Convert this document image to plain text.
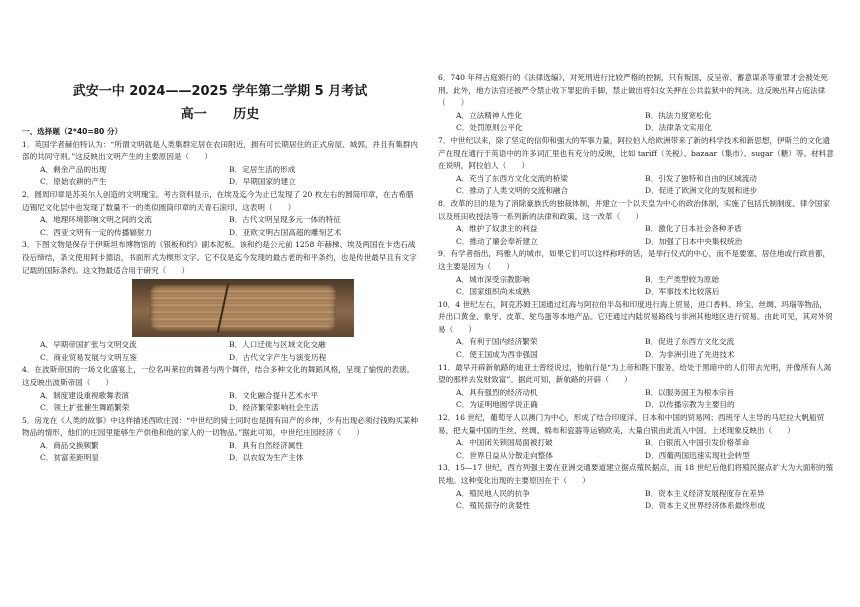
武安一中 2024——2025 学年第二学期 5 月考试
高一 历史
一、选择题（2*40=80 分）

1．英国学者赫伯特认为：“所谓文明就是人类集群定居在农田附近，拥有可长期居住的正式房屋、城郭，并且有集群内部的共同守则。”这反映出文明产生的主要原因是（　　）

A．剩余产品的出现	B．定居生活的形成
C．原始农耕的产生	D．早期国家的建立

2．圆周印章是苏美尔人创造的文明瑰宝。考古资料显示，在埃及迄今为止已发现了 20 枚左右的圆筒印章，在古希腊迈锡尼文化层中也发现了数量不一的类似圆筒印章的天青石滚印。这表明（　　）

A．地理环境影响文明之间的交流	B．古代文明呈现多元一体的特征
C．西亚文明有一定的传播辐射力	D．亚欧文明古国高超的雕刻艺术

3．下图文物是保存于伊斯坦布博物馆的《银板和约》副本泥板。该和约是公元前 1258 年赫梯、埃及两国在卡迭石战役后缔结，条文使用阿卡德语，书面形式为楔形文字。它不仅是迄今发现的最古老的和平条约，也是传世最早且有文字记载的国际条约。这文物最适合用于研究（　　）

A．早期帝国扩张与文明交流	B．人口迁徙与区域文化交融
C．商业贸易发展与文明互鉴	D．古代文字产生与演变历程

4．在波斯帝国的一场文化盛宴上，一位名叫莱拉的舞者与两个舞伴，结合多种文化的舞蹈风格，呈现了愉悦的表演。这反映出波斯帝国（　　）

A．制度建设重视歌舞表演	B．文化融合提升艺术水平
C．领土扩张催生舞蹈繁荣	D．经济繁荣影响社会生活

5．房龙在《人类的故事》中这样描述西欧庄园：“中世纪的骑士同时也是拥有田产的乡绅，少有出现必须付钱购买某种物品的情形，他们的庄园里能够生产供他和他的家人的一切物品。”据此可知，中世纪庄园经济（　　）

A．商品交换频繁	B．具有自然经济属性
C．贫富差距明显	D．以农奴为生产主体

6．740 年拜占庭颁行的《法律选编》，对死刑进行比较严格的控制，只有叛国、反呈帝、蓄意谋杀等重罪才会被处死刑。此外，地方法官还被严令禁止收下罪犯的手脚，禁止做出将妇女关押在公共监狱中的判决。这反映出拜占庭法律（　　）

A．立法精神人性化	B．执法力度宽松化
C．处罚原则公平化	D．法律条文实用化

7．中世纪以来，除了坚定的信仰和强大的军事力量，阿拉伯人给欧洲带来了新的科学技术和新思想，伊斯兰的文化遗产在现在通行于英语中的许多词汇里也有充分的反映，比如 tariff（关税）、bazaar（集市）、sugar（糖）等。材料意在说明，阿拉伯人（　　）

A．充当了东西方文化交流的桥梁	B．引发了独特和自由的区域流动
C．推动了人类文明的交流和融合	D．促进了欧洲文化的发展和进步

8．改革的目的是为了消除豪族氏的独裁体制，并建立一个以天皇为中心的政治体制，实施了包括氏制制度、律令国家以及班田收授法等一系列新的法律和政策。这一改革（　　）

A．维护了奴隶主的利益	B．激化了日本社会各种矛盾
C．推动了廉会奉祈建立	D．加强了日本中央集权统治

9．有学者指出，玛雅人的城市，如果它们可以这样称呼的话，是举行仪式的中心，而不是要塞、居住地或行政首都，这主要是因为（　　）

A．城市深受宗教影响	B．生产类型较为原始
C．国家组织尚未成熟	D．军事技术比较落后

10．4 世纪左右，阿克苏姆王国通过红海与阿拉伯半岛和印度进行海上贸易，进口香料、珍宝、丝绸、玛瑙等物品，并出口黄金、象牙、皮革、鸵鸟蛋等本地产品。它还通过内陆贸易路线与非洲其他地区进行贸易。由此可见，其对外贸易（　　）

A．有利于国内经济繁荣	B．促进了东西方文化交流
C．使王国成为西非强国	D．为非洲引进了先进技术

11．最早开辟新航路的迪亚士曾经说过，他航行是“为上帝和陛下服务，给处于黑暗中的人们带去光明，并像所有人渴望的那样去发财致富”。据此可知，新航路的开辟（　　）

A．具有强烈的经济动机	B．以服务国王为根本宗旨
C．为证明地圆学说正确	D．以传播宗教为主要目的

12．16 世纪，葡萄牙人以澳门为中心，形成了结合印度洋、日本和中国的贸易网；西班牙人主导的马尼拉大帆船贸易，把大量中国的生丝、丝绸、棉布和瓷器等运销欧美，大量白银由此流入中国。上述现象反映出（　　）

A．中国闭关锁国局面被打破	B．白银流入中国引发价格革命
C．世界日益从分散走向整体	D．西葡两国迅速实现社会转型

13．15—17 世纪，西方列强主要在亚洲交通要道建立据点殖民据点，而 18 世纪后他们将殖民据点扩大为大面积的殖民地。这种变化出现的主要原因在于（　　）

A．殖民地人民的抗争	B．资本主义经济发展程度存在差异
C．殖民掠夺的贪婪性	D．资本主义世界经济体系最终形成
